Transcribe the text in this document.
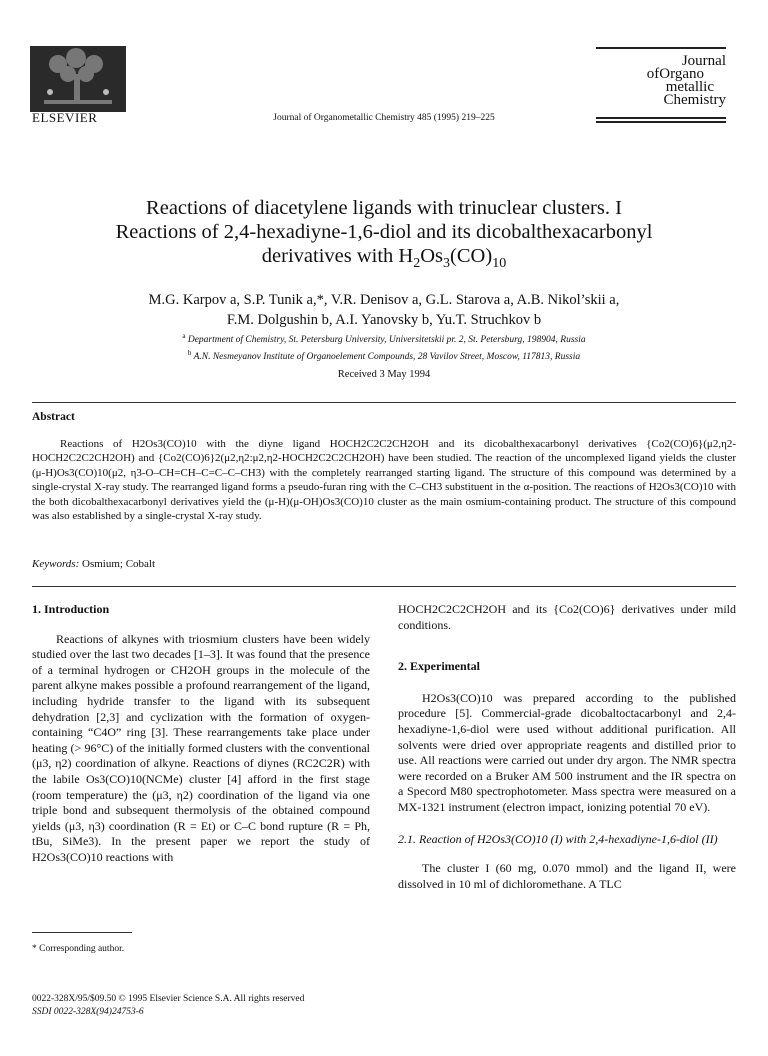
ELSEVIER	Journal of Organometallic Chemistry 485 (1995) 219–225
Journal
ofOrgano
metallic
Chemistry
Reactions of diacetylene ligands with trinuclear clusters. I
Reactions of 2,4-hexadiyne-1,6-diol and its dicobalthexacarbonyl
derivatives with $H_2Os_3(CO)_{10}$
M.G. Karpov a, S.P. Tunik a,*, V.R. Denisov a, G.L. Starova a, A.B. Nikol’skii a,
F.M. Dolgushin b, A.I. Yanovsky b, Yu.T. Struchkov b
$^a$ Department of Chemistry, St. Petersburg University, Universitetskii pr. 2, St. Petersburg, 198904, Russia
$^b$ A.N. Nesmeyanov Institute of Organoelement Compounds, 28 Vavilov Street, Moscow, 117813, Russia
Received 3 May 1994
Abstract
Reactions of H2Os3(CO)10 with the diyne ligand HOCH2C2C2CH2OH and its dicobalthexacarbonyl derivatives {Co2(CO)6}(μ2,η2-HOCH2C2C2CH2OH) and {Co2(CO)6}2(μ2,η2:μ2,η2-HOCH2C2C2CH2OH) have been studied. The reaction of the uncomplexed ligand yields the cluster (μ-H)Os3(CO)10(μ2, η3-O–CH=CH–C=C–C–CH3) with the completely rearranged starting ligand. The structure of this compound was determined by a single-crystal X-ray study. The rearranged ligand forms a pseudo-furan ring with the C–CH3 substituent in the α-position. The reactions of H2Os3(CO)10 with the both dicobalthexacarbonyl derivatives yield the (μ-H)(μ-OH)Os3(CO)10 cluster as the main osmium-containing product. The structure of this compound was also established by a single-crystal X-ray study.
Keywords: Osmium; Cobalt
1. Introduction
Reactions of alkynes with triosmium clusters have been widely studied over the last two decades [1–3]. It was found that the presence of a terminal hydrogen or CH2OH groups in the molecule of the parent alkyne makes possible a profound rearrangement of the ligand, including hydride transfer to the ligand with its subsequent dehydration [2,3] and cyclization with the formation of oxygen-containing “C4O” ring [3]. These rearrangements take place under heating (> 96°C) of the initially formed clusters with the conventional (μ3, η2) coordination of alkyne. Reactions of diynes (RC2C2R) with the labile Os3(CO)10(NCMe) cluster [4] afford in the first stage (room temperature) the (μ3, η2) coordination of the ligand via one triple bond and subsequent thermolysis of the obtained compound yields (μ3, η3) coordination (R = Et) or C–C bond rupture (R = Ph, tBu, SiMe3). In the present paper we report the study of H2Os3(CO)10 reactions with
HOCH2C2C2CH2OH and its {Co2(CO)6} derivatives under mild conditions.
2. Experimental
H2Os3(CO)10 was prepared according to the published procedure [5]. Commercial-grade dicobaltoctacarbonyl and 2,4-hexadiyne-1,6-diol were used without additional purification. All solvents were dried over appropriate reagents and distilled prior to use. All reactions were carried out under dry argon. The NMR spectra were recorded on a Bruker AM 500 instrument and the IR spectra on a Specord M80 spectrophotometer. Mass spectra were measured on a MX-1321 instrument (electron impact, ionizing potential 70 eV).
2.1. Reaction of H2Os3(CO)10 (I) with 2,4-hexadiyne-1,6-diol (II)
The cluster I (60 mg, 0.070 mmol) and the ligand II, were dissolved in 10 ml of dichloromethane. A TLC
* Corresponding author.
0022-328X/95/$09.50 © 1995 Elsevier Science S.A. All rights reserved
SSDI 0022-328X(94)24753-6
